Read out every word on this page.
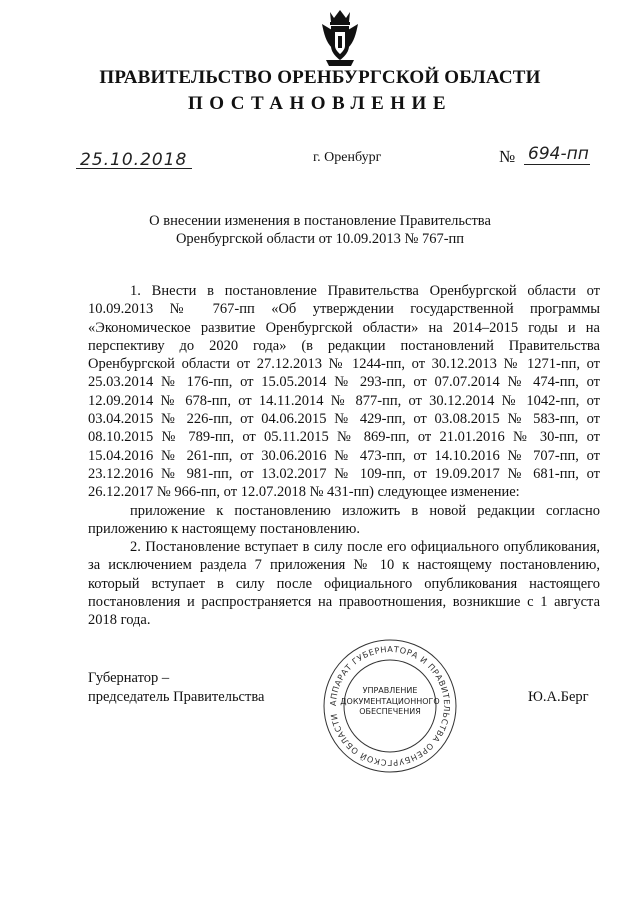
ПРАВИТЕЛЬСТВО ОРЕНБУРГСКОЙ ОБЛАСТИ
ПОСТАНОВЛЕНИЕ
25.10.2018	г. Оренбург	№ 694-пп
О внесении изменения в постановление Правительства
Оренбургской области от 10.09.2013 № 767-пп

1. Внести в постановление Правительства Оренбургской области от 10.09.2013 № 767-пп «Об утверждении государственной программы «Экономическое развитие Оренбургской области» на 2014–2015 годы и на перспективу до 2020 года» (в редакции постановлений Правительства Оренбургской области от 27.12.2013 № 1244-пп, от 30.12.2013 № 1271-пп, от 25.03.2014 № 176-пп, от 15.05.2014 № 293-пп, от 07.07.2014 № 474-пп, от 12.09.2014 № 678-пп, от 14.11.2014 № 877-пп, от 30.12.2014 № 1042-пп, от 03.04.2015 № 226-пп, от 04.06.2015 № 429-пп, от 03.08.2015 № 583-пп, от 08.10.2015 № 789-пп, от 05.11.2015 № 869-пп, от 21.01.2016 № 30-пп, от 15.04.2016 № 261-пп, от 30.06.2016 № 473-пп, от 14.10.2016 № 707-пп, от 23.12.2016 № 981-пп, от 13.02.2017 № 109-пп, от 19.09.2017 № 681-пп, от 26.12.2017 № 966-пп, от 12.07.2018 № 431-пп) следующее изменение:

приложение к постановлению изложить в новой редакции согласно приложению к настоящему постановлению.

2. Постановление вступает в силу после его официального опубликования, за исключением раздела 7 приложения № 10 к настоящему постановлению, который вступает в силу после официального опубликования настоящего постановления и распространяется на правоотношения, возникшие с 1 августа 2018 года.

Губернатор –
председатель Правительства	Ю.А.Берг
АППАРАТ ГУБЕРНАТОРА И ПРАВИТЕЛЬСТВА ОРЕНБУРГСКОЙ ОБЛАСТИ
УПРАВЛЕНИЕ
ДОКУМЕНТАЦИОННОГО
ОБЕСПЕЧЕНИЯ
